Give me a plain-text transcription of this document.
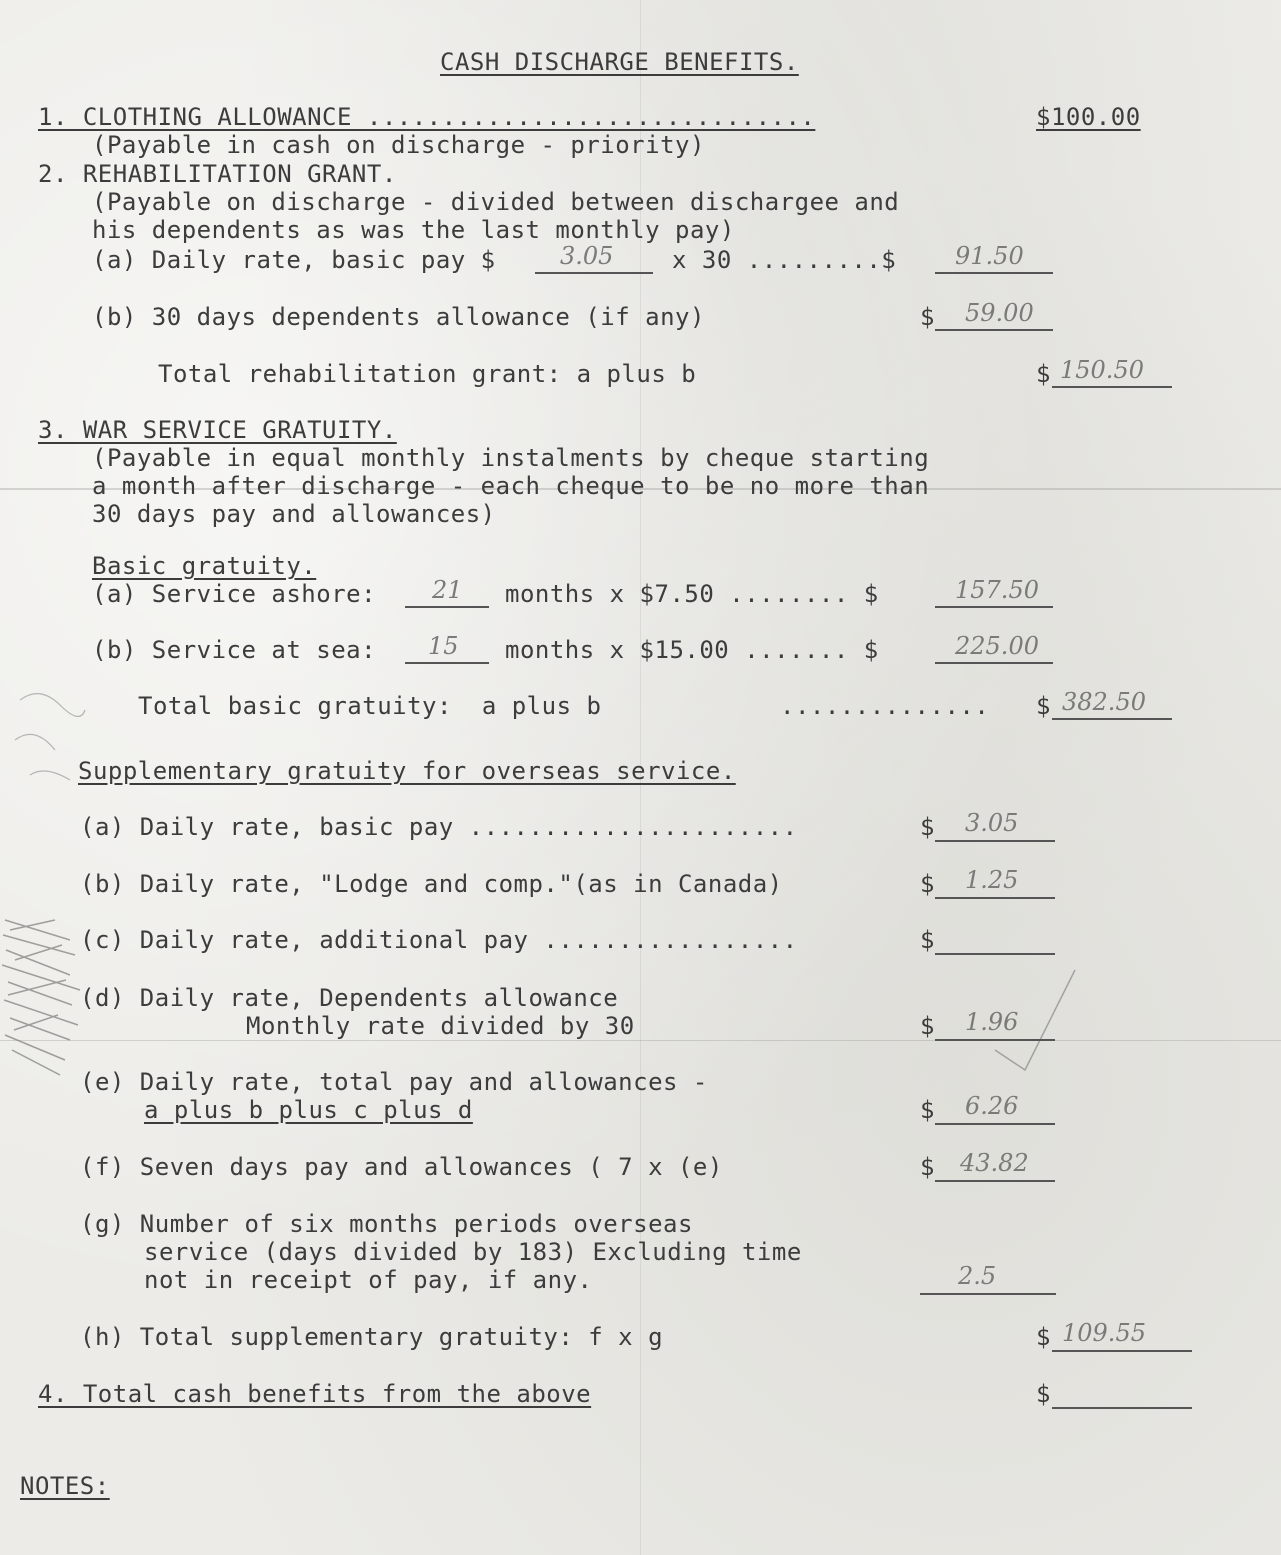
CASH DISCHARGE BENEFITS.
1. CLOTHING ALLOWANCE ..............................	$100.00
(Payable in cash on discharge - priority)
2. REHABILITATION GRANT.
(Payable on discharge - divided between dischargee and
his dependents as was the last monthly pay)
(a) Daily rate, basic pay $	3.05 x 30 .........$ 91.50
(b) 30 days dependents allowance (if any)	$ 59.00
Total rehabilitation grant: a plus b	$ 150.50
3. WAR SERVICE GRATUITY.
(Payable in equal monthly instalments by cheque starting
a month after discharge - each cheque to be no more than
30 days pay and allowances)
Basic gratuity.
(a) Service ashore: 21 months x $7.50 ........ $	157.50
(b) Service at sea: 15 months x $15.00 ....... $	225.00
Total basic gratuity:  a plus b	.............. $ 382.50
Supplementary gratuity for overseas service.
(a) Daily rate, basic pay ......................	$ 3.05
(b) Daily rate, "Lodge and comp."(as in Canada)	$ 1.25
(c) Daily rate, additional pay .................	$
(d) Daily rate, Dependents allowance
Monthly rate divided by 30	$ 1.96
(e) Daily rate, total pay and allowances -
a plus b plus c plus d	$ 6.26
(f) Seven days pay and allowances ( 7 x (e)	$ 43.82
(g) Number of six months periods overseas
service (days divided by 183) Excluding time
not in receipt of pay, if any.	2.5
(h) Total supplementary gratuity: f x g	$ 109.55
4. Total cash benefits from the above	$
NOTES:
